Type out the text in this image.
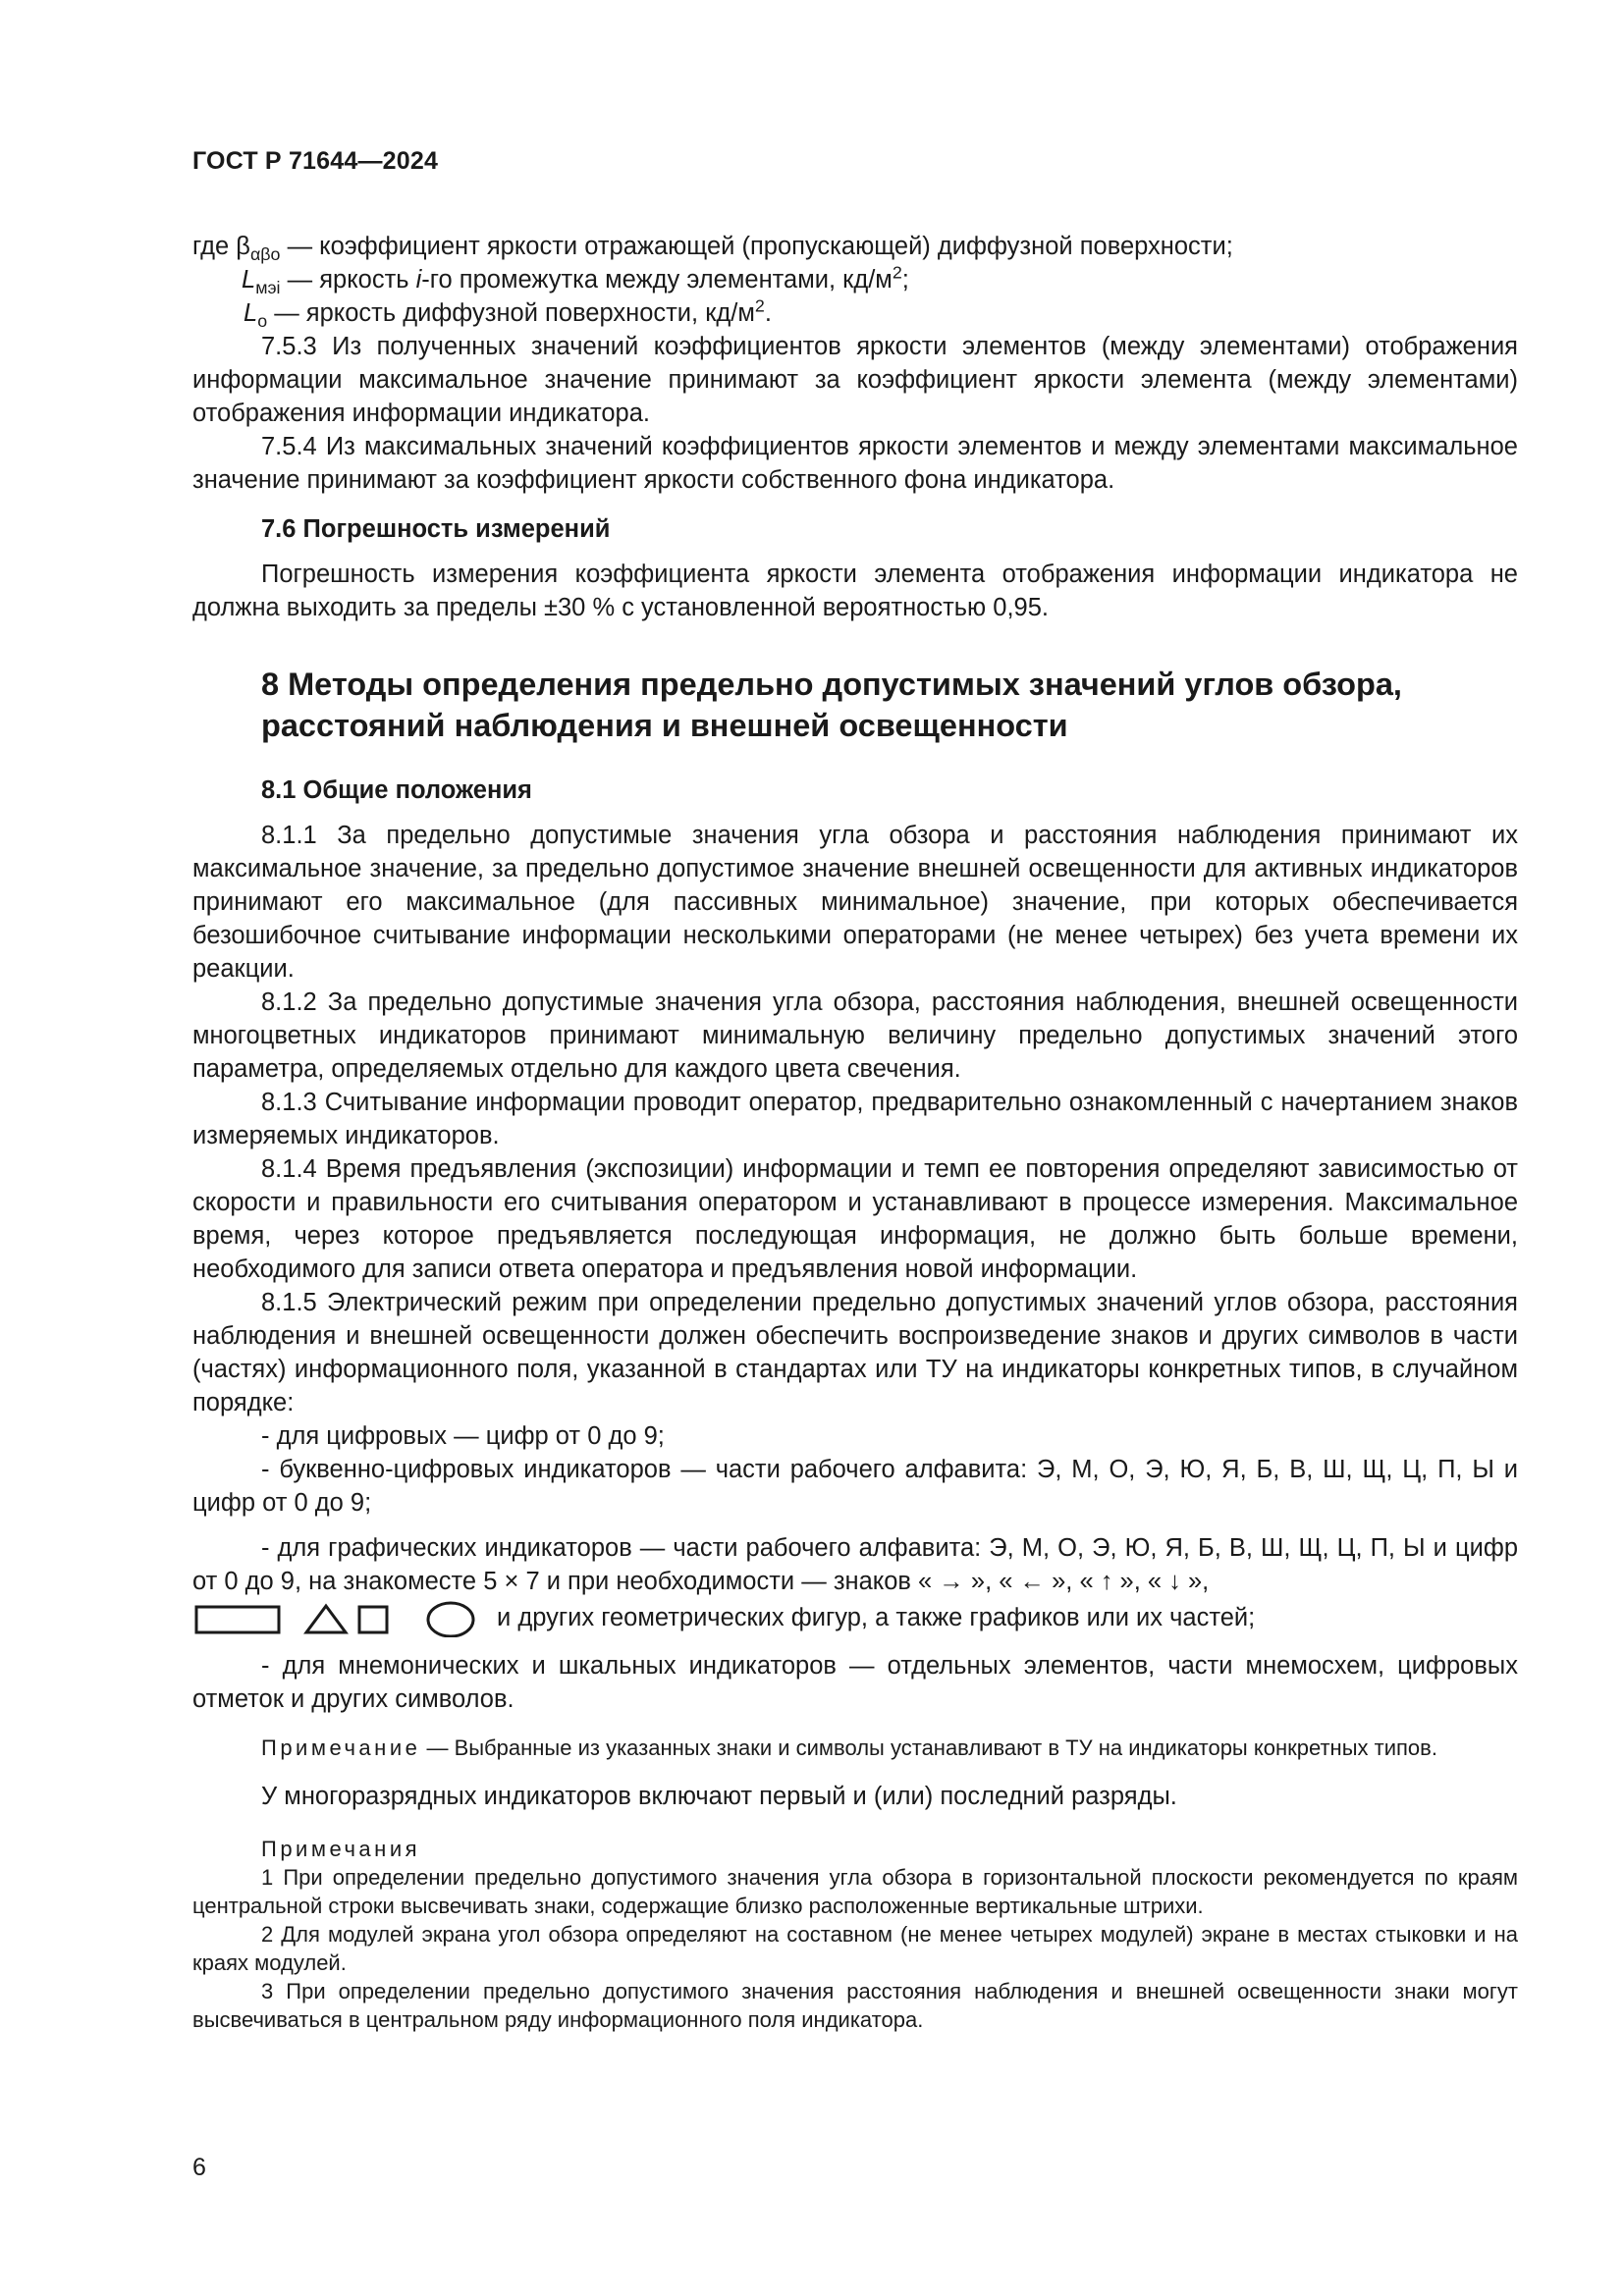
ГОСТ Р 71644—2024

где $\beta_{\alpha\beta о}$ — коэффициент яркости отражающей (пропускающей) диффузной поверхности;

$L_{мэi}$ — яркость i-го промежутка между элементами, $кд/м^2$;

$L_о$ — яркость диффузной поверхности, $кд/м^2$.

7.5.3 Из полученных значений коэффициентов яркости элементов (между элементами) отображения информации максимальное значение принимают за коэффициент яркости элемента (между элементами) отображения информации индикатора.

7.5.4 Из максимальных значений коэффициентов яркости элементов и между элементами максимальное значение принимают за коэффициент яркости собственного фона индикатора.

7.6 Погрешность измерений

Погрешность измерения коэффициента яркости элемента отображения информации индикатора не должна выходить за пределы ±30 % с установленной вероятностью 0,95.

8 Методы определения предельно допустимых значений углов обзора,
расстояний наблюдения и внешней освещенности

8.1 Общие положения

8.1.1 За предельно допустимые значения угла обзора и расстояния наблюдения принимают их максимальное значение, за предельно допустимое значение внешней освещенности для активных индикаторов принимают его максимальное (для пассивных минимальное) значение, при которых обеспечивается безошибочное считывание информации несколькими операторами (не менее четырех) без учета времени их реакции.

8.1.2 За предельно допустимые значения угла обзора, расстояния наблюдения, внешней освещенности многоцветных индикаторов принимают минимальную величину предельно допустимых значений этого параметра, определяемых отдельно для каждого цвета свечения.

8.1.3 Считывание информации проводит оператор, предварительно ознакомленный с начертанием знаков измеряемых индикаторов.

8.1.4 Время предъявления (экспозиции) информации и темп ее повторения определяют зависимостью от скорости и правильности его считывания оператором и устанавливают в процессе измерения. Максимальное время, через которое предъявляется последующая информация, не должно быть больше времени, необходимого для записи ответа оператора и предъявления новой информации.

8.1.5 Электрический режим при определении предельно допустимых значений углов обзора, расстояния наблюдения и внешней освещенности должен обеспечить воспроизведение знаков и других символов в части (частях) информационного поля, указанной в стандартах или ТУ на индикаторы конкретных типов, в случайном порядке:

- для цифровых — цифр от 0 до 9;

- буквенно-цифровых индикаторов — части рабочего алфавита: Э, М, О, Э, Ю, Я, Б, В, Ш, Щ, Ц, П, Ы и цифр от 0 до 9;

- для графических индикаторов — части рабочего алфавита: Э, М, О, Э, Ю, Я, Б, В, Ш, Щ, Ц, П, Ы и цифр от 0 до 9, на знакоместе 5 × 7 и при необходимости — знаков « → », « ← », « ↑ », « ↓ »,

и других геометрических фигур, а также графиков или их частей;

- для мнемонических и шкальных индикаторов — отдельных элементов, части мнемосхем, цифровых отметок и других символов.

Примечание — Выбранные из указанных знаки и символы устанавливают в ТУ на индикаторы конкретных типов.

У многоразрядных индикаторов включают первый и (или) последний разряды.

Примечания

1 При определении предельно допустимого значения угла обзора в горизонтальной плоскости рекомендуется по краям центральной строки высвечивать знаки, содержащие близко расположенные вертикальные штрихи.

2 Для модулей экрана угол обзора определяют на составном (не менее четырех модулей) экране в местах стыковки и на краях модулей.

3 При определении предельно допустимого значения расстояния наблюдения и внешней освещенности знаки могут высвечиваться в центральном ряду информационного поля индикатора.

6
